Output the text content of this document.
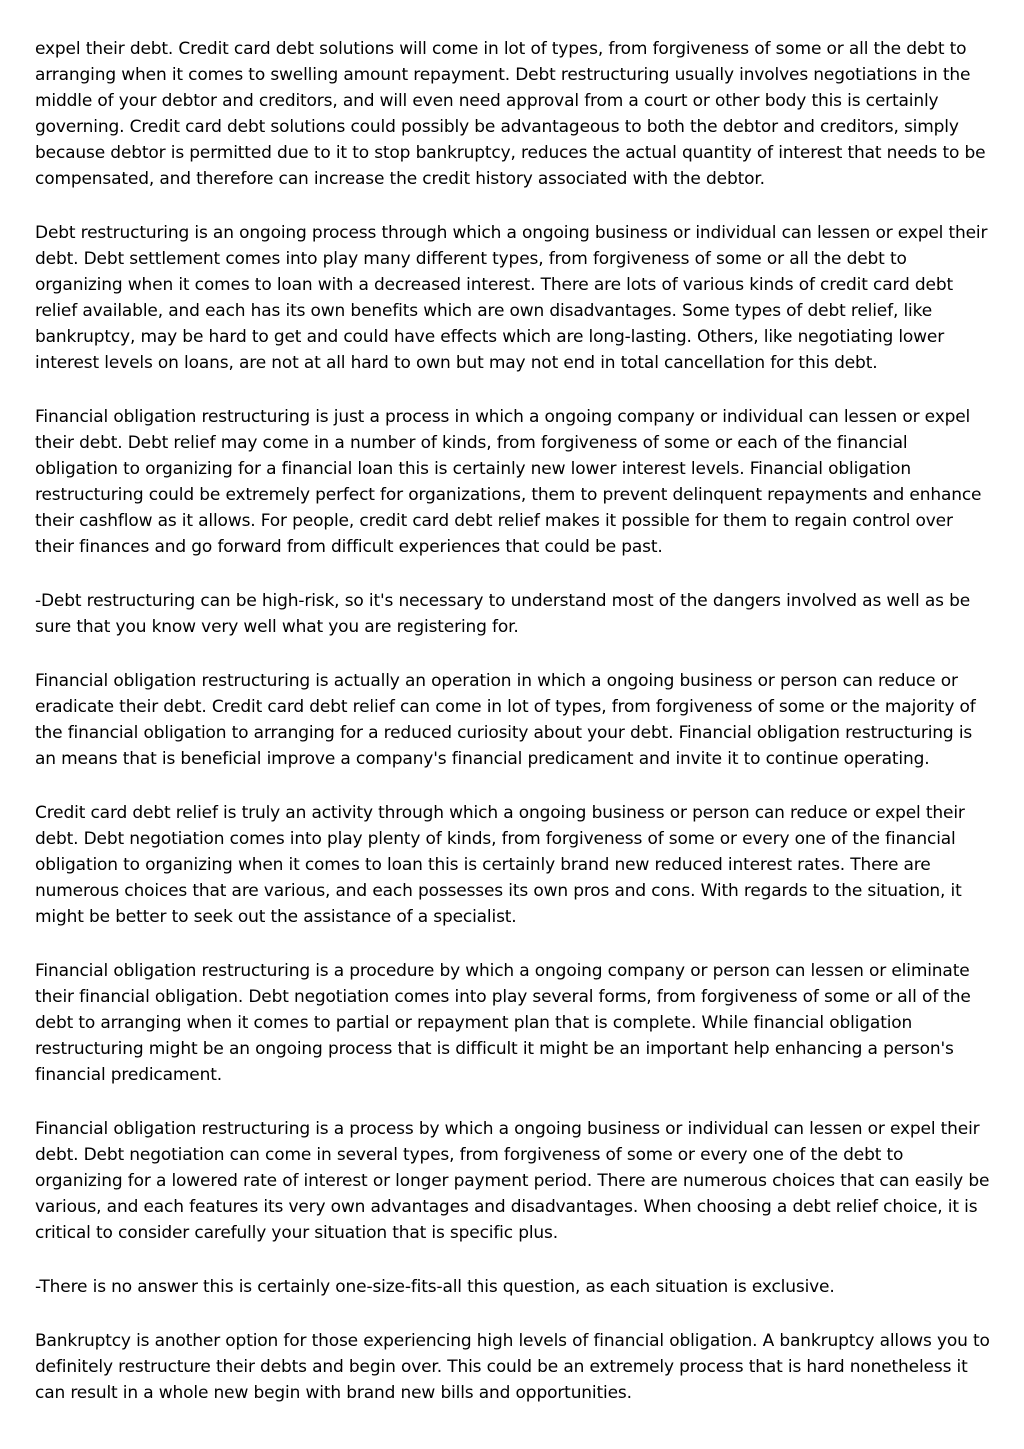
expel their debt. Credit card debt solutions will come in lot of types, from forgiveness of some or all the debt to arranging when it comes to swelling amount repayment. Debt restructuring usually involves negotiations in the middle of your debtor and creditors, and will even need approval from a court or other body this is certainly governing. Credit card debt solutions could possibly be advantageous to both the debtor and creditors, simply because debtor is permitted due to it to stop bankruptcy, reduces the actual quantity of interest that needs to be compensated, and therefore can increase the credit history associated with the debtor.

Debt restructuring is an ongoing process through which a ongoing business or individual can lessen or expel their debt. Debt settlement comes into play many different types, from forgiveness of some or all the debt to organizing when it comes to loan with a decreased interest. There are lots of various kinds of credit card debt relief available, and each has its own benefits which are own disadvantages. Some types of debt relief, like bankruptcy, may be hard to get and could have effects which are long-lasting. Others, like negotiating lower interest levels on loans, are not at all hard to own but may not end in total cancellation for this debt.

Financial obligation restructuring is just a process in which a ongoing company or individual can lessen or expel their debt. Debt relief may come in a number of kinds, from forgiveness of some or each of the financial obligation to organizing for a financial loan this is certainly new lower interest levels. Financial obligation restructuring could be extremely perfect for organizations, them to prevent delinquent repayments and enhance their cashflow as it allows. For people, credit card debt relief makes it possible for them to regain control over their finances and go forward from difficult experiences that could be past.

-Debt restructuring can be high-risk, so it's necessary to understand most of the dangers involved as well as be sure that you know very well what you are registering for.

Financial obligation restructuring is actually an operation in which a ongoing business or person can reduce or eradicate their debt. Credit card debt relief can come in lot of types, from forgiveness of some or the majority of the financial obligation to arranging for a reduced curiosity about your debt. Financial obligation restructuring is an means that is beneficial improve a company's financial predicament and invite it to continue operating.

Credit card debt relief is truly an activity through which a ongoing business or person can reduce or expel their debt. Debt negotiation comes into play plenty of kinds, from forgiveness of some or every one of the financial obligation to organizing when it comes to loan this is certainly brand new reduced interest rates. There are numerous choices that are various, and each possesses its own pros and cons. With regards to the situation, it might be better to seek out the assistance of a specialist.

Financial obligation restructuring is a procedure by which a ongoing company or person can lessen or eliminate their financial obligation. Debt negotiation comes into play several forms, from forgiveness of some or all of the debt to arranging when it comes to partial or repayment plan that is complete. While financial obligation restructuring might be an ongoing process that is difficult it might be an important help enhancing a person's financial predicament.

Financial obligation restructuring is a process by which a ongoing business or individual can lessen or expel their debt. Debt negotiation can come in several types, from forgiveness of some or every one of the debt to organizing for a lowered rate of interest or longer payment period. There are numerous choices that can easily be various, and each features its very own advantages and disadvantages. When choosing a debt relief choice, it is critical to consider carefully your situation that is specific plus.

-There is no answer this is certainly one-size-fits-all this question, as each situation is exclusive.

Bankruptcy is another option for those experiencing high levels of financial obligation. A bankruptcy allows you to definitely restructure their debts and begin over. This could be an extremely process that is hard nonetheless it can result in a whole new begin with brand new bills and opportunities.
